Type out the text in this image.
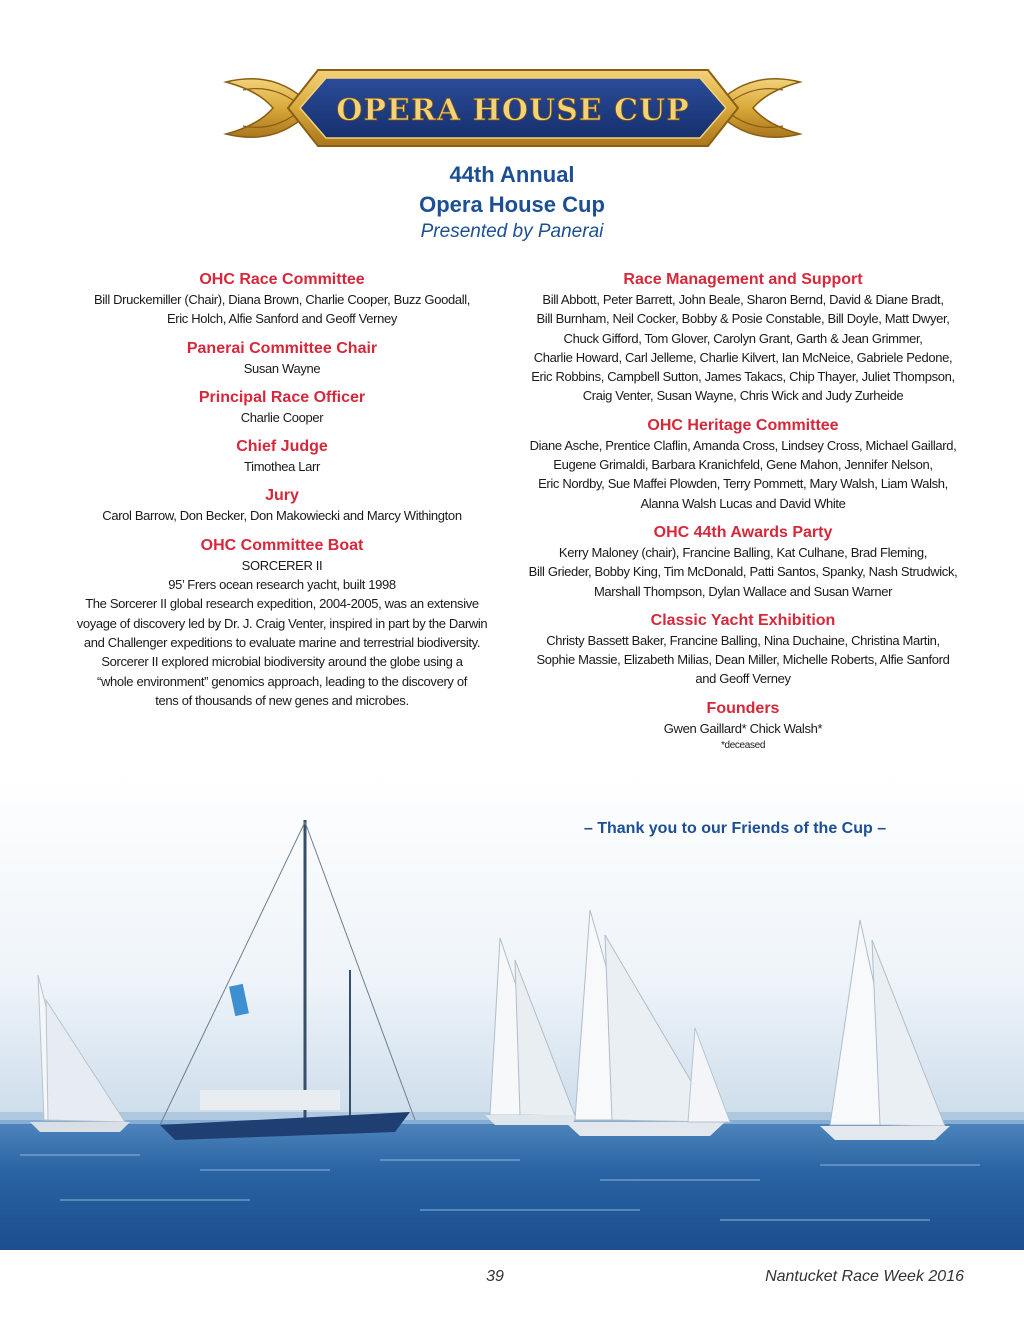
OPERA HOUSE CUP
44th Annual
Opera House Cup
Presented by Panerai
OHC Race Committee

Bill Druckemiller (Chair), Diana Brown, Charlie Cooper, Buzz Goodall,

Eric Holch, Alfie Sanford and Geoff Verney

Panerai Committee Chair

Susan Wayne

Principal Race Officer

Charlie Cooper

Chief Judge

Timothea Larr

Jury

Carol Barrow, Don Becker, Don Makowiecki and Marcy Withington

OHC Committee Boat

SORCERER II

95’ Frers ocean research yacht, built 1998

The Sorcerer II global research expedition, 2004-2005, was an extensive

voyage of discovery led by Dr. J. Craig Venter, inspired in part by the Darwin

and Challenger expeditions to evaluate marine and terrestrial biodiversity.

Sorcerer II explored microbial biodiversity around the globe using a

“whole environment” genomics approach, leading to the discovery of

tens of thousands of new genes and microbes.

Race Management and Support

Bill Abbott, Peter Barrett, John Beale, Sharon Bernd, David & Diane Bradt,

Bill Burnham, Neil Cocker, Bobby & Posie Constable, Bill Doyle, Matt Dwyer,

Chuck Gifford, Tom Glover, Carolyn Grant, Garth & Jean Grimmer,

Charlie Howard, Carl Jelleme, Charlie Kilvert, Ian McNeice, Gabriele Pedone,

Eric Robbins, Campbell Sutton, James Takacs, Chip Thayer, Juliet Thompson,

Craig Venter, Susan Wayne, Chris Wick and Judy Zurheide

OHC Heritage Committee

Diane Asche, Prentice Claflin, Amanda Cross, Lindsey Cross, Michael Gaillard,

Eugene Grimaldi, Barbara Kranichfeld, Gene Mahon, Jennifer Nelson,

Eric Nordby, Sue Maffei Plowden, Terry Pommett, Mary Walsh, Liam Walsh,

Alanna Walsh Lucas and David White

OHC 44th Awards Party

Kerry Maloney (chair), Francine Balling, Kat Culhane, Brad Fleming,

Bill Grieder, Bobby King, Tim McDonald, Patti Santos, Spanky, Nash Strudwick,

Marshall Thompson, Dylan Wallace and Susan Warner

Classic Yacht Exhibition

Christy Bassett Baker, Francine Balling, Nina Duchaine, Christina Martin,

Sophie Massie, Elizabeth Milias, Dean Miller, Michelle Roberts, Alfie Sanford

and Geoff Verney

Founders

Gwen Gaillard* Chick Walsh*

*deceased

– Thank you to our Friends of the Cup –
39	Nantucket Race Week 2016
